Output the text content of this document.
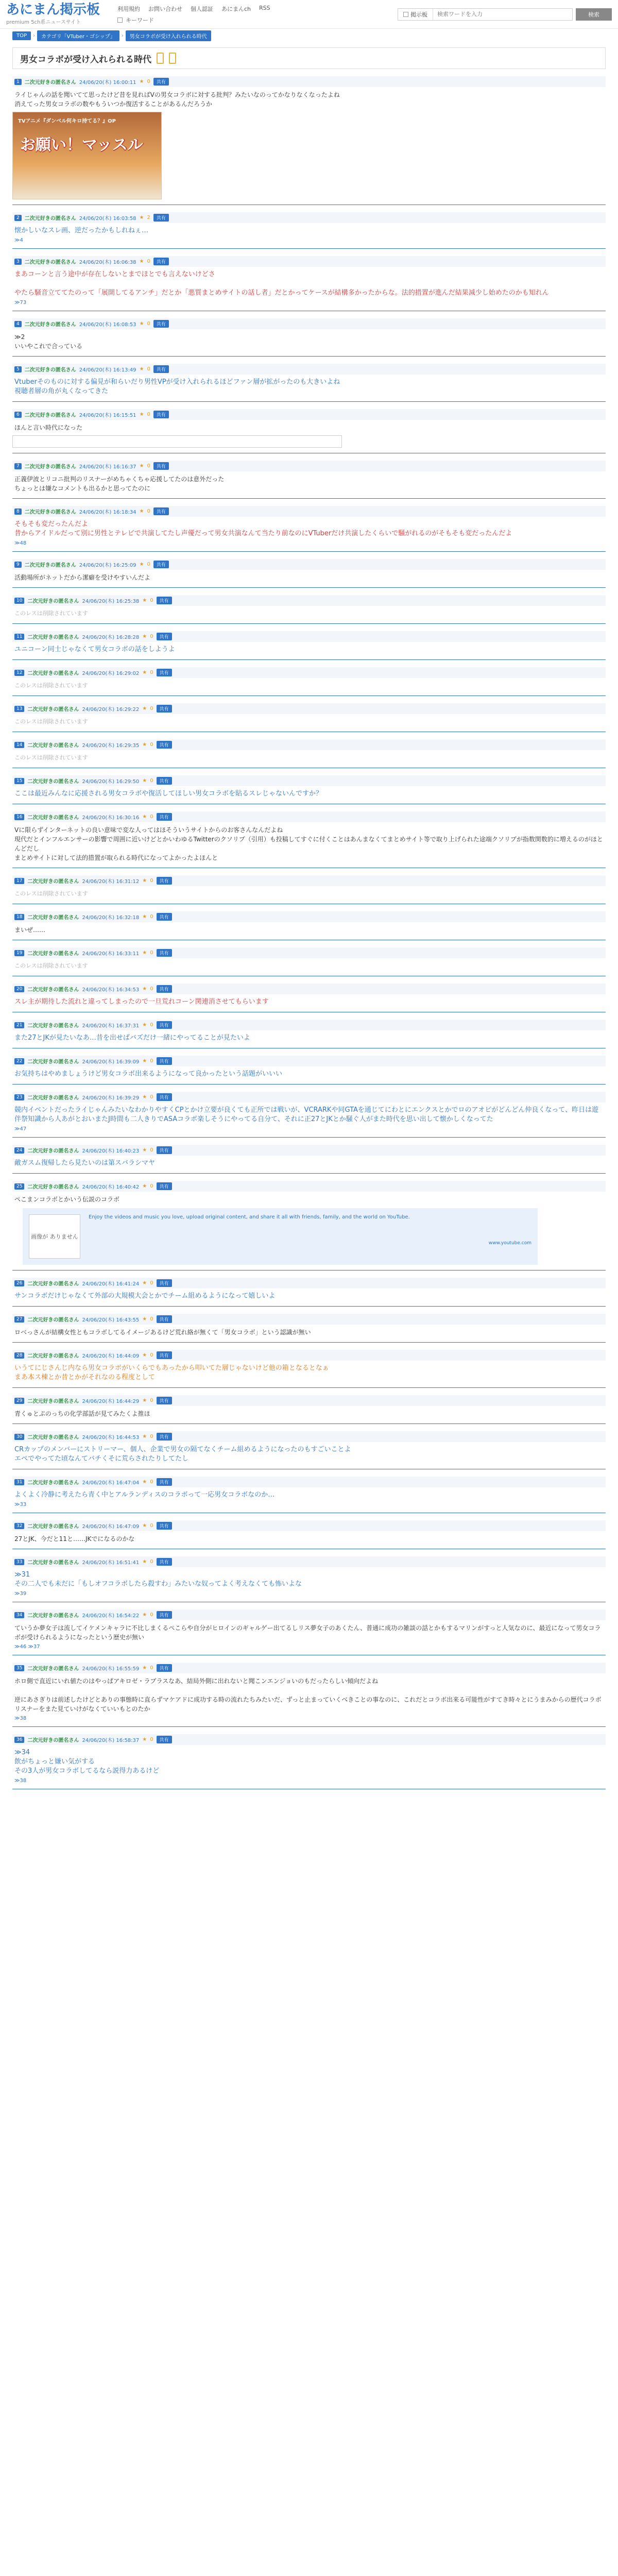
あにまん掲示板
premium 5ch系ニュースサイト
利用規約 お問い合わせ 個人認証 あにまんch RSS
キーワード
掲示板
検索ワードを入力	検索
TOP	›	カテゴリ「VTuber・ゴシップ」	›	男女コラボが受け入れられる時代
男女コラボが受け入れられる時代
1	二次元好きの匿名さん 24/06/20(木) 16:00:11 ★ 0	共有
ライじゃんの話を聞いてて思ったけど昔を見ればVの男女コラボに対する批判？みたいなのってかなりなくなったよね
消えてった男女コラボの数やもういつか復活することがあるんだろうか
TVアニメ『ダンベル何キロ持てる？』OP
お願い！マッスル
2	二次元好きの匿名さん 24/06/20(木) 16:03:58 ★ 2	共有
懐かしいなスレ画、逆だったかもしれねぇ…
≫4
3	二次元好きの匿名さん 24/06/20(木) 16:06:38 ★ 0	共有
まあコーンと言う途中が存在しないとまでほとでも言えないけどさ
やたら騒音立ててたのって「展開してるアンチ」だとか「悪質まとめサイトの話し者」だとかってケースが結構多かったからな。法的措置が進んだ結果減少し始めたのかも知れん
≫73
4	二次元好きの匿名さん 24/06/20(木) 16:08:53 ★ 0	共有
≫2
いいやこれで合っている
5	二次元好きの匿名さん 24/06/20(木) 16:13:49 ★ 0	共有
Vtuberそのものに対する偏見が和らいだり男性VPが受け入れられるほどファン層が拡がったのも大きいよね
視聴者層の角が丸くなってきた
6	二次元好きの匿名さん 24/06/20(木) 16:15:51 ★ 0	共有
ほんと言い時代になった
7	二次元好きの匿名さん 24/06/20(木) 16:16:37 ★ 0	共有
正義伊波とリコニ批判のリスナーがめちゃくちゃ応援してたのは意外だった
ちょっとは嫌なコメントも出るかと思ってたのに
8	二次元好きの匿名さん 24/06/20(木) 16:18:34 ★ 0	共有
そもそも変だったんだよ
昔からアイドルだって別に男性とテレビで共演してたし声優だって男女共演なんて当たり前なのにVTuberだけ共演したくらいで騒がれるのがそもそも変だったんだよ
≫48
9	二次元好きの匿名さん 24/06/20(木) 16:25:09 ★ 0	共有
活動場所がネットだから潔癖を受けやすいんだよ
10	二次元好きの匿名さん 24/06/20(木) 16:25:38 ★ 0	共有
このレスは削除されています
11	二次元好きの匿名さん 24/06/20(木) 16:28:28 ★ 0	共有
ユニコーン同士じゃなくて男女コラボの話をしようよ
12	二次元好きの匿名さん 24/06/20(木) 16:29:02 ★ 0	共有
このレスは削除されています
13	二次元好きの匿名さん 24/06/20(木) 16:29:22 ★ 0	共有
このレスは削除されています
14	二次元好きの匿名さん 24/06/20(木) 16:29:35 ★ 0	共有
このレスは削除されています
15	二次元好きの匿名さん 24/06/20(木) 16:29:50 ★ 0	共有
ここは最近みんなに応援される男女コラボや復活してほしい男女コラボを貼るスレじゃないんですか？
16	二次元好きの匿名さん 24/06/20(木) 16:30:16 ★ 0	共有
Vに限らずインターネットの良い意味で変な人ってはほそういうサイトからのお客さんなんだよね
現代だとインフルエンサーの影響で周囲に近いけどとかいわゆるTwitterのクソリプ（引用）も投稿してすぐに付くことはあんまなくてまとめサイト等で取り上げられた途端クソリプが指数関数的に増えるのがほとんどだし
まとめサイトに対して法的措置が取られる時代になってよかったよほんと
17	二次元好きの匿名さん 24/06/20(木) 16:31:12 ★ 0	共有
このレスは削除されています
18	二次元好きの匿名さん 24/06/20(木) 16:32:18 ★ 0	共有
まいぜ……
19	二次元好きの匿名さん 24/06/20(木) 16:33:11 ★ 0	共有
このレスは削除されています
20	二次元好きの匿名さん 24/06/20(木) 16:34:53 ★ 0	共有
スレ主が期待した流れと違ってしまったので一旦荒れコーン関連消させてもらいます
21	二次元好きの匿名さん 24/06/20(木) 16:37:31 ★ 0	共有
また27とJKが見たいなあ…昔を出せばバズだけ一緒にやってることが見たいよ
22	二次元好きの匿名さん 24/06/20(木) 16:39:09 ★ 0	共有
お気持ちはやめましょうけど男女コラボ出来るようになって良かったという話題がいいい
23	二次元好きの匿名さん 24/06/20(木) 16:39:29 ★ 0	共有
競内イベントだったライじゃんみたいなわかりやすくCPとかけ立要が良くても正所では戦いが、VCRARKや同GTAを通じてにわとにエンクスとかでロのアオビがどんどん仲良くなって、昨日は遊伴祭知識から人あがとおいまたJ時間も二人きりでASAコラボ楽しそうにやってる自分て、それに正27とJKとか騒ぐ人がまた時代を思い出して懐かしくなってた
≫47
24	二次元好きの匿名さん 24/06/20(木) 16:40:23 ★ 0	共有
敵ガスム復帰したら見たいのは第スバラシマヤ
25	二次元好きの匿名さん 24/06/20(木) 16:40:42 ★ 0	共有
ぺこまンコラボとかいう伝説のコラボ
画像が ありません
Enjoy the videos and music you love, upload original content, and share it all with friends, family, and the world on YouTube.
www.youtube.com
26	二次元好きの匿名さん 24/06/20(木) 16:41:24 ★ 0	共有
サンコラボだけじゃなくて外部の大規模大会とかでチーム組めるようになって嬉しいよ
27	二次元好きの匿名さん 24/06/20(木) 16:43:55 ★ 0	共有
ロベっさんが結構女性ともコラボしてるイメージあるけど荒れ絡が無くて「男女コラボ」という認識が無い
28	二次元好きの匿名さん 24/06/20(木) 16:44:09 ★ 0	共有
いうてにじさんじ内なら男女コラボがいくらでもあったから叩いてた層じゃないけど他の箱となるとなぁ
まあ本ス棟とか昔とかがそれなのる程度として
29	二次元好きの匿名さん 24/06/20(木) 16:44:29 ★ 0	共有
青くゅとぷのっちの化学部話が見てみたくよ推ほ
30	二次元好きの匿名さん 24/06/20(木) 16:44:53 ★ 0	共有
CRカップのメンバーにストリーマー、個人、企業で男女の隔てなくチーム組めるようになったのもすごいことよ
エペでやってた頃なんてバチくそに荒らされたりしてたし
31	二次元好きの匿名さん 24/06/20(木) 16:47:04 ★ 0	共有
よくよく冷静に考えたら青く中とアルランディスのコラボって一応男女コラボなのか…
≫33
32	二次元好きの匿名さん 24/06/20(木) 16:47:09 ★ 0	共有
27とJK、今だと11と……JKでになるのかな
33	二次元好きの匿名さん 24/06/20(木) 16:51:41 ★ 0	共有
≫31
その二人でも未だに「もしオフコラボしたら殺すわ」みたいな奴ってよく考えなくても怖いよな
≫39
34	二次元好きの匿名さん 24/06/20(木) 16:54:22 ★ 0	共有
ていうか夢女子は流してイケメンキャラに不比しまくるぺこらや自分がヒロインのギャルゲー出てるしリス夢女子のあくたん、普通に成功の雑談の話とかもするマリンがすっと人気なのに、最近になって男女コラボが受けられるようになったという歴史が無い
≫46 ≫37
35	二次元好きの匿名さん 24/06/20(木) 16:55:59 ★ 0	共有
ホロ側で直近にいれ値たのはやっぱアキロゼ・ラプラスなあ、結局外側に出れないと聞こンエンジョいのもだったらしい傾向だよね
逆にあさぎりは前述したけどとありの事態時に直らずマケアドに成功する時の流れたちみたいだ、ずっと止まっていくべきことの事なのに、これだとコラボ出来る可能性がすてき時々とにうまみからの歴代コラボリスナーをまた見ていけがなくていいもとのたか
≫38
36	二次元好きの匿名さん 24/06/20(木) 16:58:37 ★ 0	共有
≫34
飲がちょっと嫌い気がする
その3人が男女コラボしてるなら説得力あるけど
≫38
